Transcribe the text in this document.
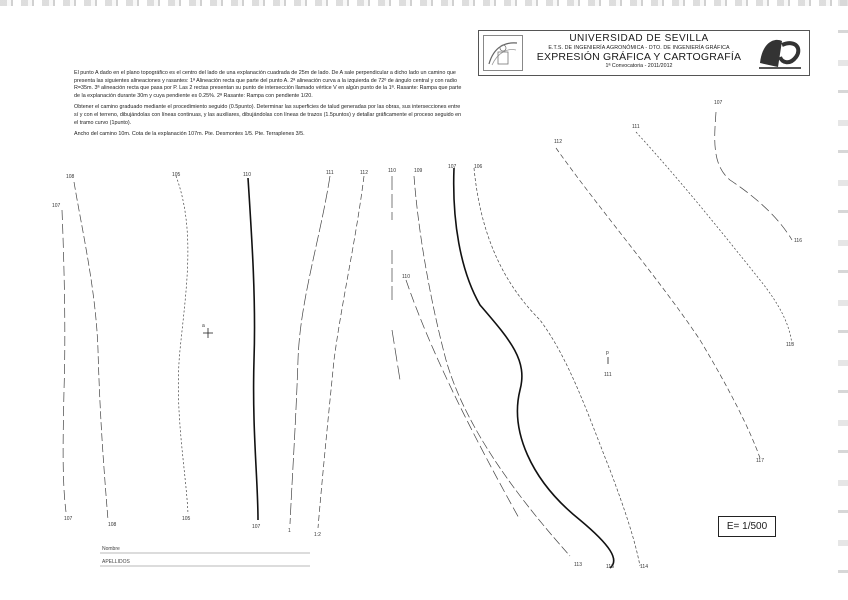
UNIVERSIDAD DE SEVILLA
E.T.S. DE INGENIERÍA AGRONÓMICA - DTO. DE INGENIERÍA GRÁFICA
EXPRESIÓN GRÁFICA Y CARTOGRAFÍA
1ª Convocatoria - 2011/2012

El punto A dado en el plano topográfico es el centro del lado de una explanación cuadrada de 25m de lado. De A sale perpendicular a dicho lado un camino que presenta las siguientes alineaciones y rasantes: 1ª Alineación recta que parte del punto A. 2ª alineación curva a la izquierda de 72º de ángulo central y con radio R=35m. 3ª alineación recta que pasa por P. Las 2 rectas presentan su punto de intersección llamado vértice V en algún punto de la 1ª. Rasante: Rampa que parte de la explanación durante 30m y cuya pendiente es 0.25%. 2ª Rasante: Rampa con pendiente 1/20.

Obtener el camino graduado mediante el procedimiento seguido (0.5punto). Determinar las superficies de talud generadas por las obras, sus intersecciones entre sí y con el terreno, dibujándolas con líneas continuas, y las auxiliares, dibujándolas con líneas de trazos (1.5puntos) y detallar gráficamente el proceso seguido en el tramo curvo (1punto).

Ancho del camino 10m. Cota de la explanación 107m. Pte. Desmontes 1/5. Pte. Terraplenes 3/5.

a
p
108
107
105	110	111	112	110	109
107	106
107
111
112
110
116
113
117
111
107
108
105
107
1
1:2
113	115	114
Nombre
APELLIDOS
E= 1/500
